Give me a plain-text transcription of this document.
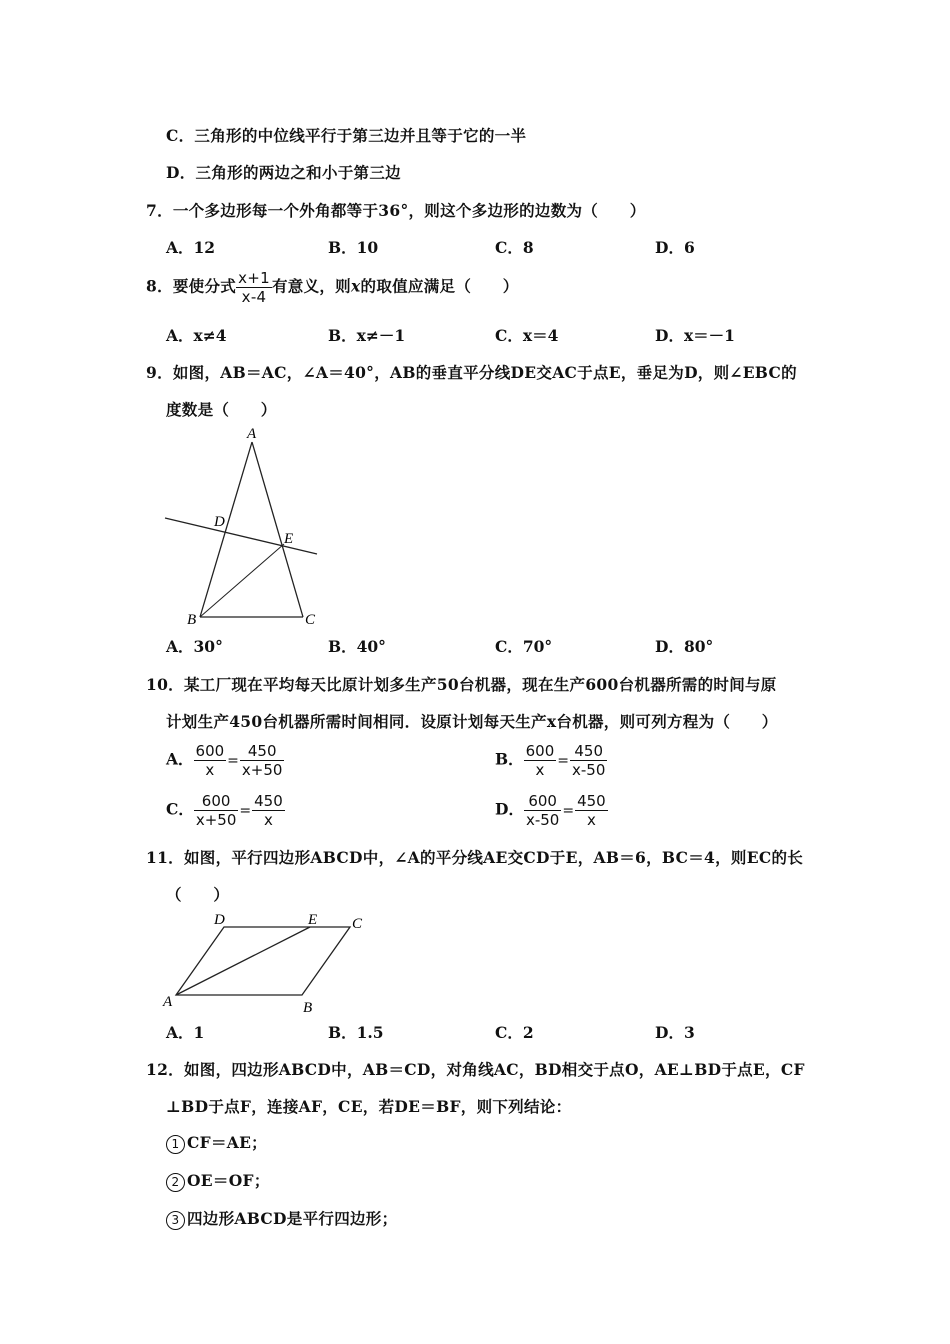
C．三角形的中位线平行于第三边并且等于它的一半
D．三角形的两边之和小于第三边
7．一个多边形每一个外角都等于36°，则这个多边形的边数为（　　）
A．12	B．10	C．8	D．6
8．要使分式 $\frac{x+1}{x-4}$ 有意义，则x的取值应满足（　　）
A．x≠4	B．x≠－1	C．x＝4	D．x＝－1
9．如图，AB＝AC，∠A＝40°，AB的垂直平分线DE交AC于点E，垂足为D，则∠EBC的
度数是（　　）
A
D
E
B	C
A．30°	B．40°	C．70°	D．80°
10．某工厂现在平均每天比原计划多生产50台机器，现在生产600台机器所需的时间与原
计划生产450台机器所需时间相同．设原计划每天生产x台机器，则可列方程为（　　）
A． $\frac{600}{x} = \frac{450}{x+50}$	B． $\frac{600}{x} = \frac{450}{x-50}$
C． $\frac{600}{x+50} = \frac{450}{x}$	D． $\frac{600}{x-50} = \frac{450}{x}$
11．如图，平行四边形ABCD中，∠A的平分线AE交CD于E，AB＝6，BC＝4，则EC的长
（　　）
A	B
C
D	E
A．1	B．1.5	C．2	D．3
12．如图，四边形ABCD中，AB＝CD，对角线AC，BD相交于点O，AE⊥BD于点E，CF
⊥BD于点F，连接AF，CE，若DE＝BF，则下列结论：
1 CF＝AE；
2 OE＝OF；
3 四边形ABCD是平行四边形；
